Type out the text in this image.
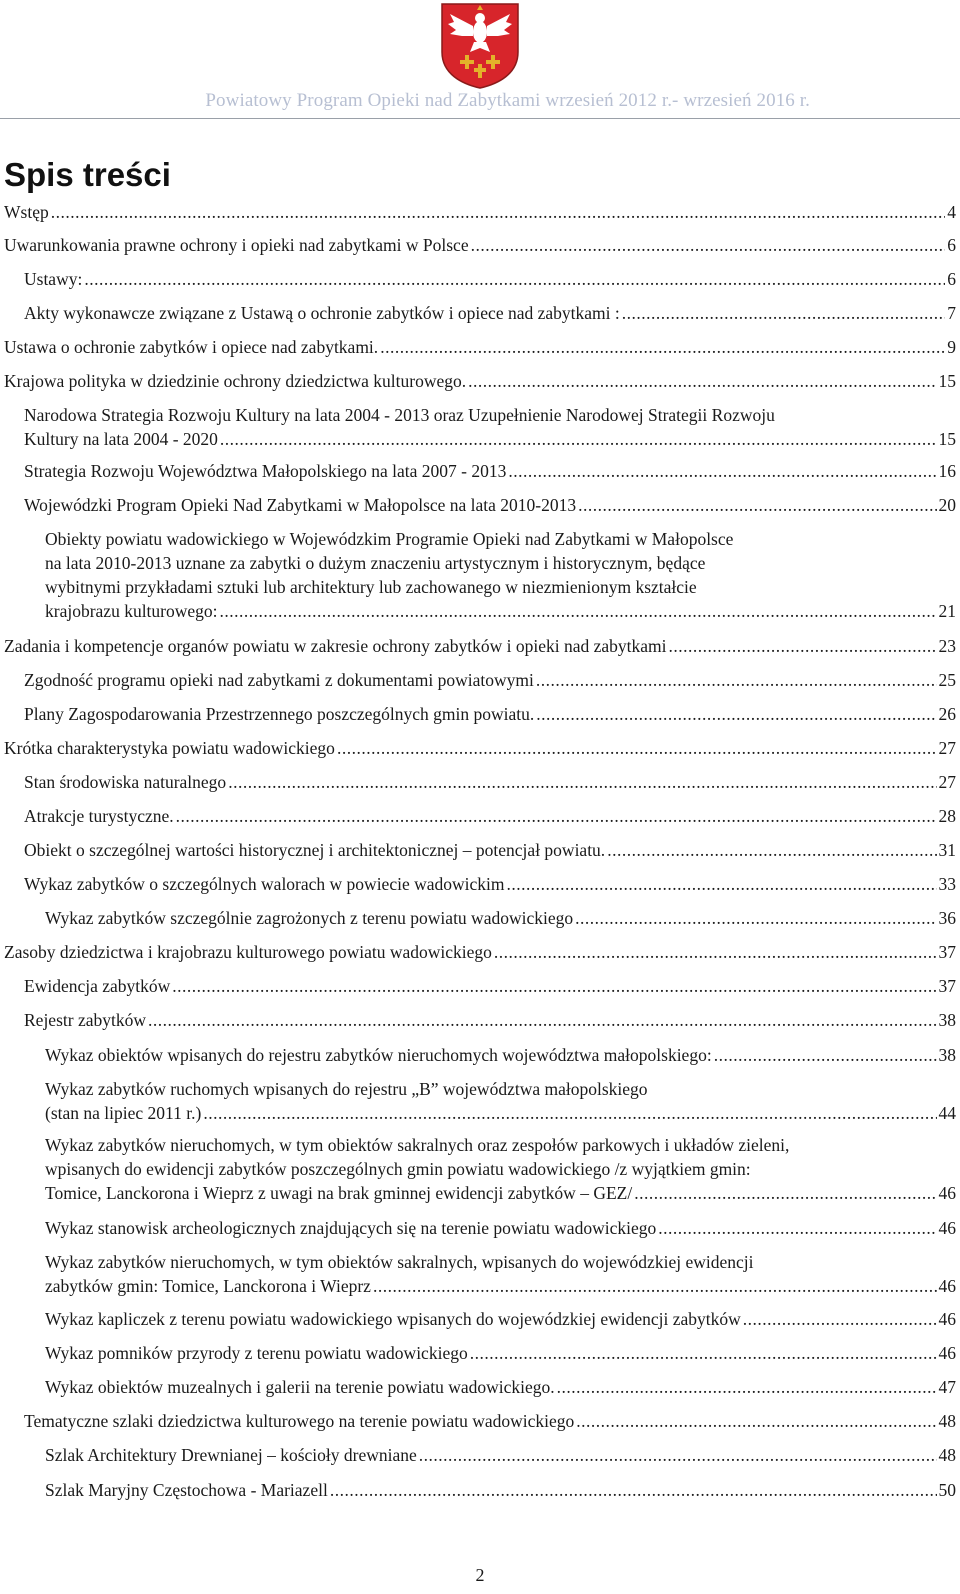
Powiatowy Program Opieki nad Zabytkami wrzesień 2012 r.- wrzesień 2016 r.
Spis treści
Wstęp .....	4
Uwarunkowania prawne ochrony i opieki nad zabytkami w Polsce .....	6
Ustawy: .....	6
Akty wykonawcze związane z Ustawą o ochronie zabytków i opiece nad zabytkami : .....	7
Ustawa o ochronie zabytków i opiece nad zabytkami. .....	9
Krajowa polityka w dziedzinie ochrony dziedzictwa kulturowego. .....	15
Narodowa Strategia Rozwoju Kultury na lata 2004 - 2013 oraz Uzupełnienie Narodowej Strategii Rozwoju
Kultury na lata 2004 - 2020 .....	15
Strategia Rozwoju Województwa Małopolskiego na lata 2007 - 2013 .....	16
Wojewódzki Program Opieki Nad Zabytkami w Małopolsce na lata 2010-2013 .....	20
Obiekty powiatu wadowickiego w Wojewódzkim Programie Opieki nad Zabytkami w Małopolsce
na lata 2010-2013 uznane za zabytki o dużym znaczeniu artystycznym i historycznym, będące
wybitnymi przykładami sztuki lub architektury lub zachowanego w niezmienionym kształcie
krajobrazu kulturowego: .....	21
Zadania i kompetencje organów powiatu w zakresie ochrony zabytków i opieki nad zabytkami .....	23
Zgodność programu opieki nad zabytkami z dokumentami powiatowymi .....	25
Plany Zagospodarowania Przestrzennego poszczególnych gmin powiatu. .....	26
Krótka charakterystyka powiatu wadowickiego .....	27
Stan środowiska naturalnego .....	27
Atrakcje turystyczne. .....	28
Obiekt o szczególnej wartości historycznej i architektonicznej – potencjał powiatu. .....	31
Wykaz zabytków o szczególnych walorach w powiecie wadowickim .....	33
Wykaz zabytków szczególnie zagrożonych z terenu powiatu wadowickiego .....	36
Zasoby dziedzictwa i krajobrazu kulturowego powiatu wadowickiego .....	37
Ewidencja zabytków .....	37
Rejestr zabytków .....	38
Wykaz obiektów wpisanych do rejestru zabytków nieruchomych województwa małopolskiego: .....	38
Wykaz zabytków ruchomych wpisanych do rejestru „B” województwa małopolskiego
(stan na lipiec 2011 r.) .....	44
Wykaz zabytków nieruchomych, w tym obiektów sakralnych oraz zespołów parkowych i układów zieleni,
wpisanych do ewidencji zabytków poszczególnych gmin powiatu wadowickiego /z wyjątkiem gmin:
Tomice, Lanckorona i Wieprz z uwagi na brak gminnej ewidencji zabytków – GEZ/ .....	46
Wykaz stanowisk archeologicznych znajdujących się na terenie powiatu wadowickiego .....	46
Wykaz zabytków nieruchomych, w tym obiektów sakralnych, wpisanych do wojewódzkiej ewidencji
zabytków gmin: Tomice, Lanckorona i Wieprz .....	46
Wykaz kapliczek z terenu powiatu wadowickiego wpisanych do wojewódzkiej ewidencji zabytków .....	46
Wykaz pomników przyrody z terenu powiatu wadowickiego .....	46
Wykaz obiektów muzealnych i galerii na terenie powiatu wadowickiego. .....	47
Tematyczne szlaki dziedzictwa kulturowego na terenie powiatu wadowickiego .....	48
Szlak Architektury Drewnianej – kościoły drewniane .....	48
Szlak Maryjny Częstochowa - Mariazell .....	50
2
